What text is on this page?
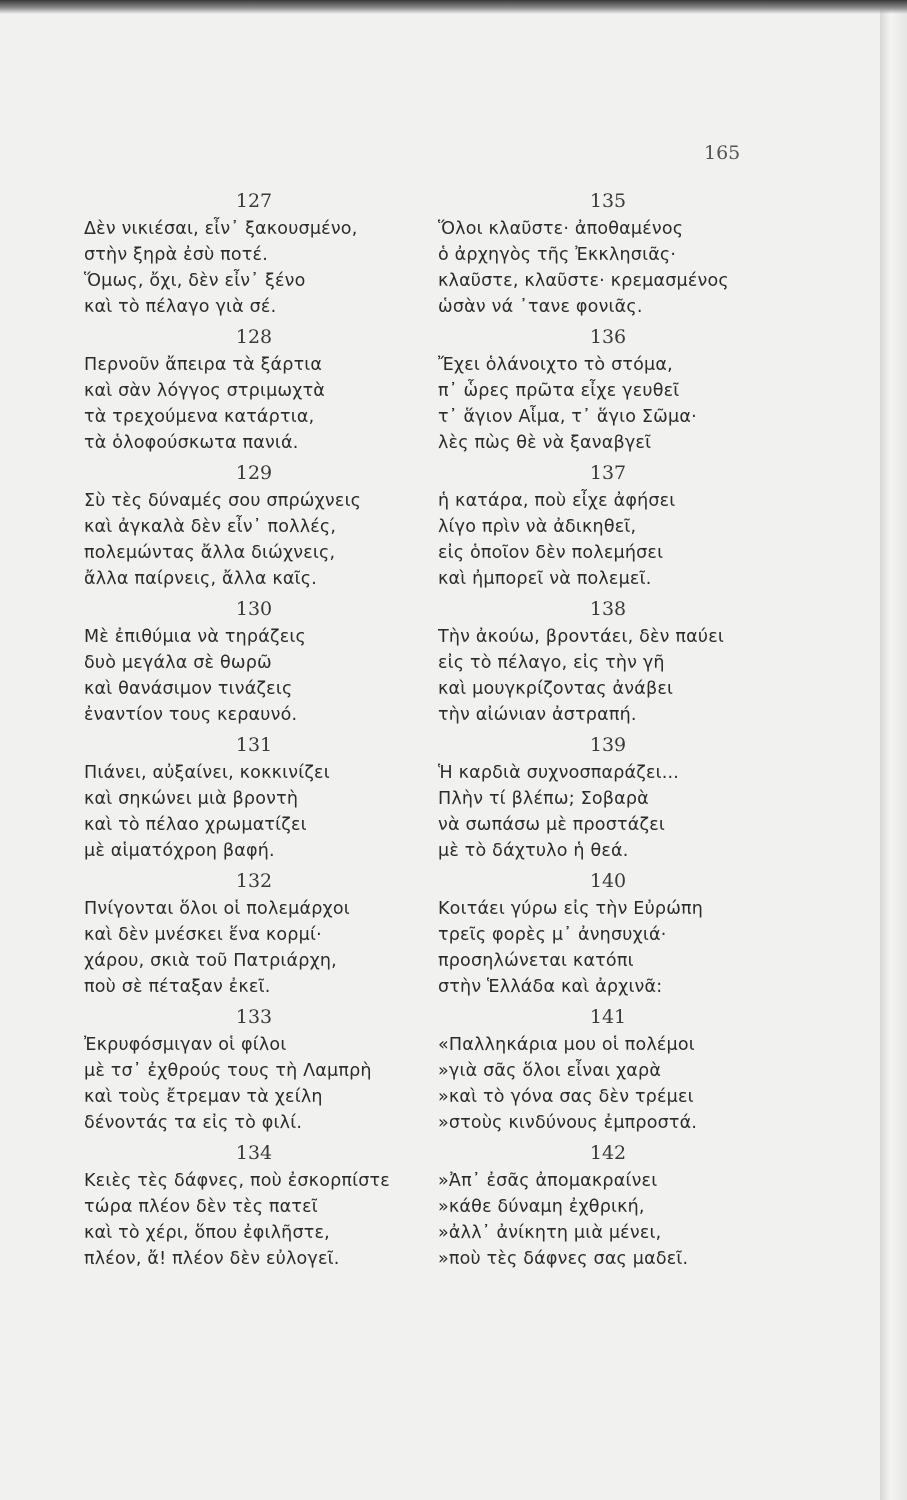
165
127
Δὲν νικιέσαι, εἶν᾽ ξακουσμένο,
στὴν ξηρὰ ἐσὺ ποτέ.
Ὅμως, ὄχι, δὲν εἶν᾽ ξένο
καὶ τὸ πέλαγο γιὰ σέ.
128
Περνοῦν ἄπειρα τὰ ξάρτια
καὶ σὰν λόγγος στριμωχτὰ
τὰ τρεχούμενα κατάρτια,
τὰ ὁλοφούσκωτα πανιά.
129
Σὺ τὲς δύναμές σου σπρώχνεις
καὶ ἀγκαλὰ δὲν εἶν᾽ πολλές,
πολεμώντας ἄλλα διώχνεις,
ἄλλα παίρνεις, ἄλλα καῖς.
130
Μὲ ἐπιθύμια νὰ τηράζεις
δυὸ μεγάλα σὲ θωρῶ
καὶ θανάσιμον τινάζεις
ἐναντίον τους κεραυνό.
131
Πιάνει, αὐξαίνει, κοκκινίζει
καὶ σηκώνει μιὰ βροντὴ
καὶ τὸ πέλαο χρωματίζει
μὲ αἱματόχροη βαφή.
132
Πνίγονται ὅλοι οἱ πολεμάρχοι
καὶ δὲν μνέσκει ἕνα κορμί·
χάρου, σκιὰ τοῦ Πατριάρχη,
ποὺ σὲ πέταξαν ἐκεῖ.
133
Ἐκρυφόσμιγαν οἱ φίλοι
μὲ τσ᾽ ἐχθρούς τους τὴ Λαμπρὴ
καὶ τοὺς ἔτρεμαν τὰ χείλη
δένοντάς τα εἰς τὸ φιλί.
134
Κειὲς τὲς δάφνες, ποὺ ἐσκορπίστε
τώρα πλέον δὲν τὲς πατεῖ
καὶ τὸ χέρι, ὅπου ἐφιλῆστε,
πλέον, ἄ! πλέον δὲν εὐλογεῖ.
135
Ὅλοι κλαῦστε· ἀποθαμένος
ὁ ἀρχηγὸς τῆς Ἐκκλησιᾶς·
κλαῦστε, κλαῦστε· κρεμασμένος
ὡσὰν νά ᾽τανε φονιᾶς.
136
Ἔχει ὁλάνοιχτο τὸ στόμα,
π᾽ ὧρες πρῶτα εἶχε γευθεῖ
τ᾽ ἅγιον Αἷμα, τ᾽ ἅγιο Σῶμα·
λὲς πὼς θὲ νὰ ξαναβγεῖ
137
ἡ κατάρα, ποὺ εἶχε ἀφήσει
λίγο πρὶν νὰ ἀδικηθεῖ,
εἰς ὁποῖον δὲν πολεμήσει
καὶ ἠμπορεῖ νὰ πολεμεῖ.
138
Τὴν ἀκούω, βροντάει, δὲν παύει
εἰς τὸ πέλαγο, εἰς τὴν γῆ
καὶ μουγκρίζοντας ἀνάβει
τὴν αἰώνιαν ἀστραπή.
139
Ἡ καρδιὰ συχνοσπαράζει...
Πλὴν τί βλέπω; Σοβαρὰ
νὰ σωπάσω μὲ προστάζει
μὲ τὸ δάχτυλο ἡ θεά.
140
Κοιτάει γύρω εἰς τὴν Εὐρώπη
τρεῖς φορὲς μ᾽ ἀνησυχιά·
προσηλώνεται κατόπι
στὴν Ἑλλάδα καὶ ἀρχινᾶ:
141
«Παλληκάρια μου οἱ πολέμοι
»γιὰ σᾶς ὅλοι εἶναι χαρὰ
»καὶ τὸ γόνα σας δὲν τρέμει
»στοὺς κινδύνους ἐμπροστά.
142
»Ἀπ᾽ ἐσᾶς ἀπομακραίνει
»κάθε δύναμη ἐχθρική,
»ἀλλ᾽ ἀνίκητη μιὰ μένει,
»ποὺ τὲς δάφνες σας μαδεῖ.
